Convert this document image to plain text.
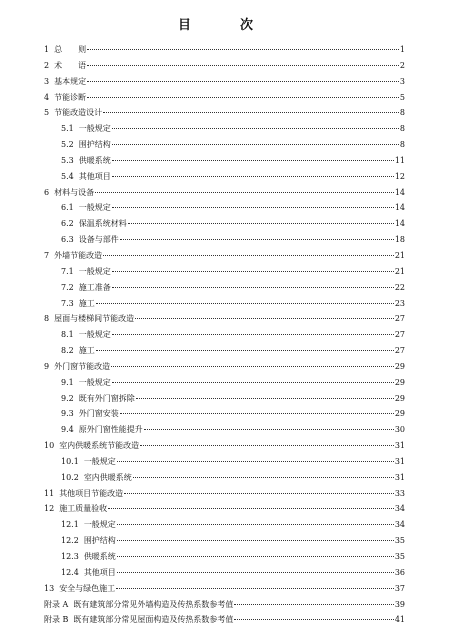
目　次
1 总　　则	1
2 术　　语	2
3 基本规定	3
4 节能诊断	5
5 节能改造设计	8
5.1 一般规定	8
5.2 围护结构	8
5.3 供暖系统	11
5.4 其他项目	12
6 材料与设备	14
6.1 一般规定	14
6.2 保温系统材料	14
6.3 设备与部件	18
7 外墙节能改造	21
7.1 一般规定	21
7.2 施工准备	22
7.3 施工	23
8 屋面与楼梯间节能改造	27
8.1 一般规定	27
8.2 施工	27
9 外门窗节能改造	29
9.1 一般规定	29
9.2 既有外门窗拆除	29
9.3 外门窗安装	29
9.4 原外门窗性能提升	30
10 室内供暖系统节能改造	31
10.1 一般规定	31
10.2 室内供暖系统	31
11 其他项目节能改造	33
12 施工质量验收	34
12.1 一般规定	34
12.2 围护结构	35
12.3 供暖系统	35
12.4 其他项目	36
13 安全与绿色施工	37
附录 A 既有建筑部分常见外墙构造及传热系数参考值	39
附录 B 既有建筑部分常见屋面构造及传热系数参考值	41
